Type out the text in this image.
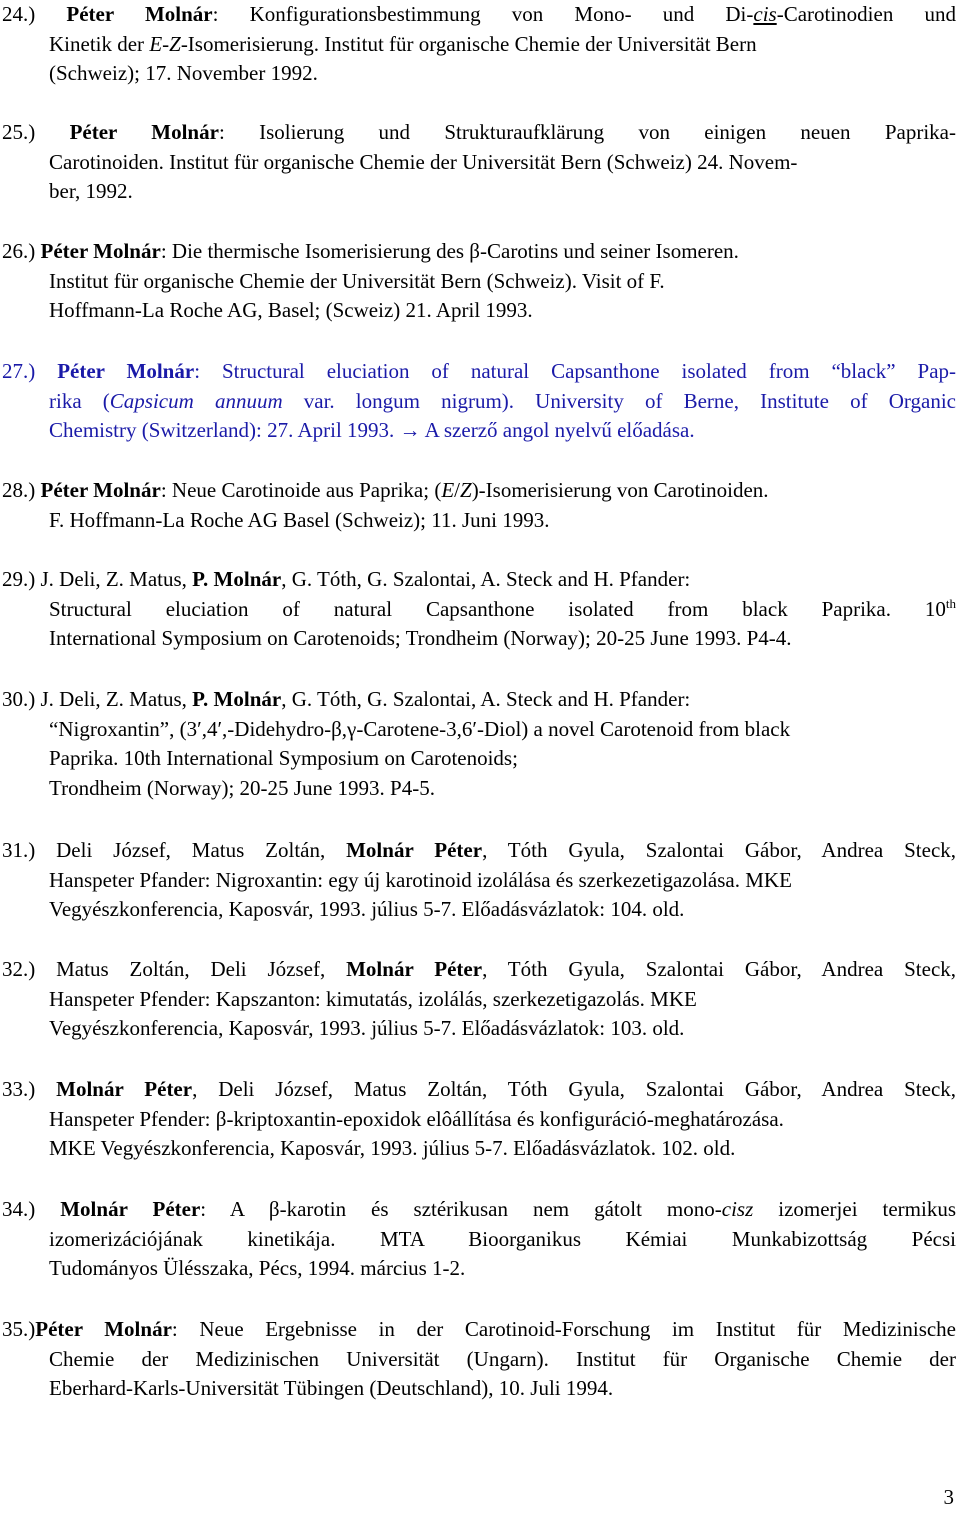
24.) Péter Molnár: Konfigurationsbestimmung von Mono- und Di-cis-Carotinodien und
Kinetik der E-Z-Isomerisierung. Institut für organische Chemie der Universität Bern
(Schweiz); 17. November 1992.
25.) Péter Molnár: Isolierung und Strukturaufklärung von einigen neuen Paprika-
Carotinoiden. Institut für organische Chemie der Universität Bern (Schweiz) 24. Novem-
ber, 1992.
26.) Péter Molnár: Die thermische Isomerisierung des β-Carotins und seiner Isomeren.
Institut für organische Chemie der Universität Bern (Schweiz). Visit of F.
Hoffmann-La Roche AG, Basel; (Scweiz) 21. April 1993.
27.) Péter Molnár: Structural eluciation of natural Capsanthone isolated from “black” Pap-
rika (Capsicum annuum var. longum nigrum). University of Berne, Institute of Organic
Chemistry (Switzerland): 27. April 1993. → A szerző angol nyelvű előadása.
28.) Péter Molnár: Neue Carotinoide aus Paprika; (E/Z)-Isomerisierung von Carotinoiden.
F. Hoffmann-La Roche AG Basel (Schweiz); 11. Juni 1993.
29.) J. Deli, Z. Matus, P. Molnár, G. Tóth, G. Szalontai, A. Steck and H. Pfander:
Structural eluciation of natural Capsanthone isolated from black Paprika. 10th
International Symposium on Carotenoids; Trondheim (Norway); 20-25 June 1993. P4-4.
30.) J. Deli, Z. Matus, P. Molnár, G. Tóth, G. Szalontai, A. Steck and H. Pfander:
“Nigroxantin”, (3′,4′,-Didehydro-β,γ-Carotene-3,6′-Diol) a novel Carotenoid from black
Paprika. 10th International Symposium on Carotenoids;
Trondheim (Norway); 20-25 June 1993. P4-5.
31.) Deli József, Matus Zoltán, Molnár Péter, Tóth Gyula, Szalontai Gábor, Andrea Steck,
Hanspeter Pfander: Nigroxantin: egy új karotinoid izolálása és szerkezetigazolása. MKE
Vegyészkonferencia, Kaposvár, 1993. július 5-7. Előadásvázlatok: 104. old.
32.) Matus Zoltán, Deli József, Molnár Péter, Tóth Gyula, Szalontai Gábor, Andrea Steck,
Hanspeter Pfender: Kapszanton: kimutatás, izolálás, szerkezetigazolás. MKE
Vegyészkonferencia, Kaposvár, 1993. július 5-7. Előadásvázlatok: 103. old.
33.) Molnár Péter, Deli József, Matus Zoltán, Tóth Gyula, Szalontai Gábor, Andrea Steck,
Hanspeter Pfender: β-kriptoxantin-epoxidok elôállítása és konfiguráció-meghatározása.
MKE Vegyészkonferencia, Kaposvár, 1993. július 5-7. Előadásvázlatok. 102. old.
34.) Molnár Péter: A β-karotin és sztérikusan nem gátolt mono-cisz izomerjei termikus
izomerizációjának kinetikája. MTA Bioorganikus Kémiai Munkabizottság Pécsi
Tudományos Ülésszaka, Pécs, 1994. március 1-2.
35.)Péter Molnár: Neue Ergebnisse in der Carotinoid-Forschung im Institut für Medizinische
Chemie der Medizinischen Universität (Ungarn). Institut für Organische Chemie der
Eberhard-Karls-Universität Tübingen (Deutschland), 10. Juli 1994.
3
